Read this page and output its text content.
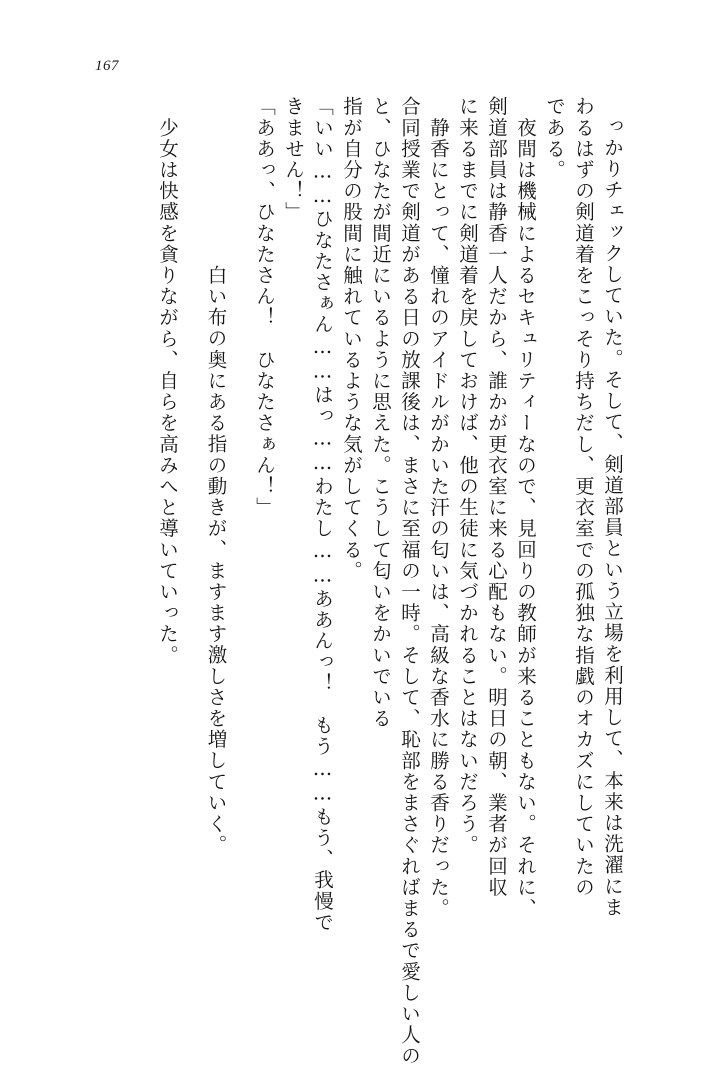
167
っかりチェックしていた。そして、剣道部員という立場を利用して、本来は洗濯にま
わるはずの剣道着をこっそり持ちだし、更衣室での孤独な指戯のオカズにしていたの
である。
　夜間は機械によるセキュリティーなので、見回りの教師が来ることもない。それに、
剣道部員は静香一人だから、誰かが更衣室に来る心配もない。明日の朝、業者が回収
に来るまでに剣道着を戻しておけば、他の生徒に気づかれることはないだろう。
　静香にとって、憧れのアイドルがかいた汗の匂いは、高級な香水に勝る香りだった。
合同授業で剣道がある日の放課後は、まさに至福の一時。そして、恥部をまさぐればまるで愛しい人の
と、ひなたが間近にいるように思えた。こうして匂いをかいでいる
指が自分の股間に触れているような気がしてくる。
「いい……ひなたさぁん……はっ……わたし……ああんっ！　もう……もう、我慢で
きません！」
「ああっ、ひなたさん！　ひなたさぁん！」

　白い布の奥にある指の動きが、ますます激しさを増していく。

　少女は快感を貪りながら、自らを高みへと導いていった。
